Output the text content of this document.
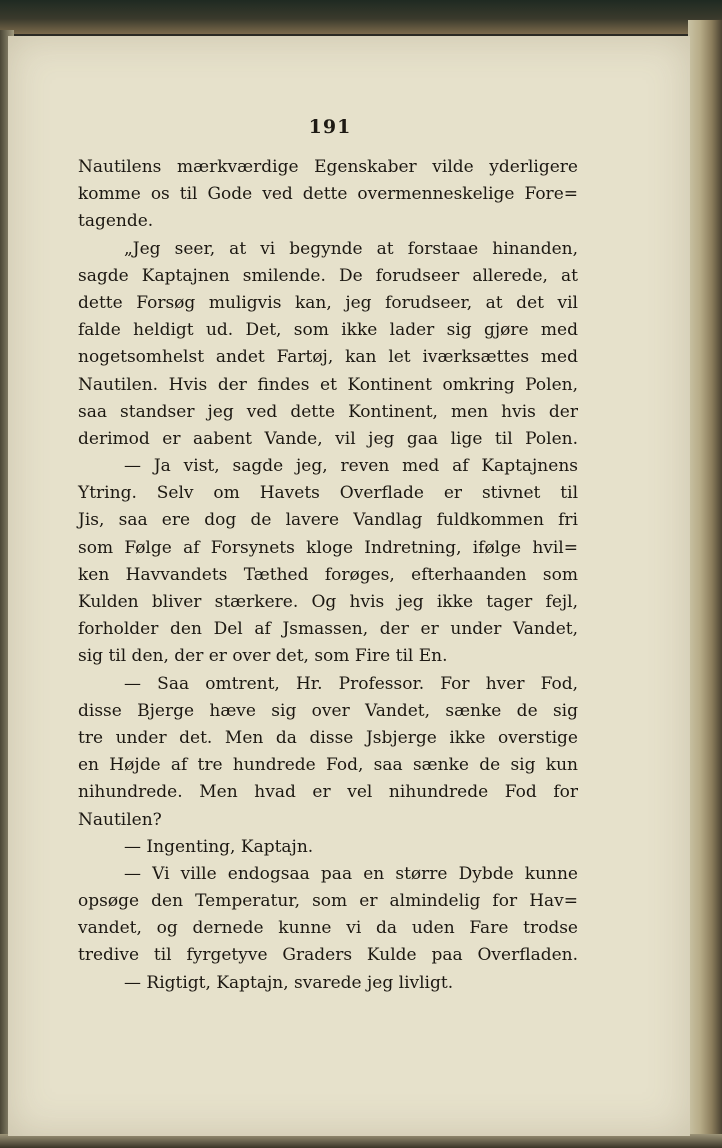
191
Nautilens mærkværdige Egenskaber vilde yderligere
komme os til Gode ved dette overmenneskelige Fore=
tagende.
„Jeg seer, at vi begynde at forstaae hinanden,
sagde Kaptajnen smilende. De forudseer allerede, at
dette Forsøg muligvis kan, jeg forudseer, at det vil
falde heldigt ud. Det, som ikke lader sig gjøre med
nogetsomhelst andet Fartøj, kan let iværksættes med
Nautilen. Hvis der findes et Kontinent omkring Polen,
saa standser jeg ved dette Kontinent, men hvis der
derimod er aabent Vande, vil jeg gaa lige til Polen.
— Ja vist, sagde jeg, reven med af Kaptajnens
Ytring. Selv om Havets Overflade er stivnet til
Jis, saa ere dog de lavere Vandlag fuldkommen fri
som Følge af Forsynets kloge Indretning, ifølge hvil=
ken Havvandets Tæthed forøges, efterhaanden som
Kulden bliver stærkere. Og hvis jeg ikke tager fejl,
forholder den Del af Jsmassen, der er under Vandet,
sig til den, der er over det, som Fire til En.
— Saa omtrent, Hr. Professor. For hver Fod,
disse Bjerge hæve sig over Vandet, sænke de sig
tre under det. Men da disse Jsbjerge ikke overstige
en Højde af tre hundrede Fod, saa sænke de sig kun
nihundrede. Men hvad er vel nihundrede Fod for
Nautilen?
— Ingenting, Kaptajn.
— Vi ville endogsaa paa en større Dybde kunne
opsøge den Temperatur, som er almindelig for Hav=
vandet, og dernede kunne vi da uden Fare trodse
tredive til fyrgetyve Graders Kulde paa Overfladen.
— Rigtigt, Kaptajn, svarede jeg livligt.
